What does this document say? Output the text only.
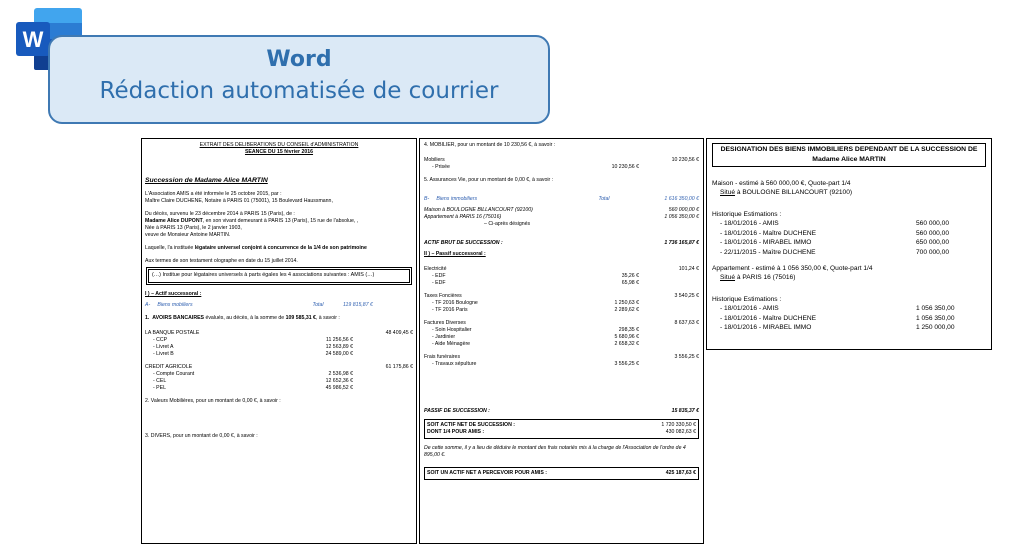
W
Word
Rédaction automatisée de courrier
EXTRAIT DES DELIBERATIONS DU CONSEIL d'ADMINISTRATION
SEANCE DU 15 février 2016
Succession de Madame Alice MARTIN
L'Association AMIS a été informée le 25 octobre 2015, par :
Maître Claire DUCHENE, Notaire à PARIS 01 (75001), 15 Boulevard Haussmann,
Du décès, survenu le 23 décembre 2014 à PARIS 15 (Paris), de :
Madame Alice DUPONT, en son vivant demeurant à PARIS 13 (Paris), 15 rue de l'absolue, ,
Née à PARIS 13 (Paris), le 2 janvier 1903,
veuve de Monsieur Antoine MARTIN.
Laquelle, l'a instituée légataire universel conjoint à concurrence de la 1/4 de son patrimoine
Aux termes de son testament olographe en date du 15 juillet 2014.
(…) Institue pour légataires universels à parts égales les 4 associations suivantes : AMIS (…)
I ) – Actif successoral :
A- Biens mobiliers	Total	119 815,87 €
1. AVOIRS BANCAIRES évalués, au décès, à la somme de 109 585,31 €, à savoir :
LA BANQUE POSTALE	48 409,45 €
- CCP	11 256,56 €
- Livret A	12 563,89 €
- Livret B	24 589,00 €
CREDIT AGRICOLE	61 175,86 €
- Compte Courant	2 536,98 €
- CEL	12 652,36 €
- PEL	45 986,52 €
2. Valeurs Mobilières, pour un montant de 0,00 €, à savoir :
3. DIVERS, pour un montant de 0,00 €, à savoir :
4. MOBILIER, pour un montant de 10 230,56 €, à savoir :
Mobiliers	10 230,56 €
- Prisée	10 230,56 €
5. Assurances Vie, pour un montant de 0,00 €, à savoir :
B- Biens immobiliers	Total	1 616 350,00 €
Maison à BOULOGNE BILLANCOURT (92100)	560 000,00 €
Appartement à PARIS 16 (75016)	1 056 350,00 €
– Ci-après désignés
ACTIF BRUT DE SUCCESSION :	1 736 165,87 €
II ) – Passif successoral :
Electricité	101,24 €
- EDF	35,26 €
- EDF	65,98 €
Taxes Foncières	3 540,25 €
- TF 2016 Boulogne	1 250,63 €
- TF 2016 Paris	2 289,62 €
Factures Diverses	8 637,63 €
- Soin Hospitalier	298,35 €
- Jardinier	5 680,96 €
- Aide Ménagère	2 658,32 €
Frais funéraires	3 556,25 €
- Travaux sépulture	3 556,25 €
PASSIF DE SUCCESSION :	15 835,37 €
SOIT ACTIF NET DE SUCCESSION :	1 720 330,50 €
DONT 1/4 POUR AMIS :	430 082,63 €
De cette somme, il y a lieu de déduire le montant des frais notariés mis à la charge de l'Association de l'ordre de 4 895,00 €.
SOIT UN ACTIF NET A PERCEVOIR POUR AMIS :	425 187,63 €
DESIGNATION DES BIENS IMMOBILIERS DEPENDANT DE LA SUCCESSION DE Madame Alice MARTIN
Maison - estimé à 560 000,00 €, Quote-part 1/4
Situé à BOULOGNE BILLANCOURT (92100)
Historique Estimations :
- 18/01/2016 - AMIS	560 000,00
- 18/01/2016 - Maître DUCHENE	560 000,00
- 18/01/2016 - MIRABEL IMMO	650 000,00
- 22/11/2015 - Maître DUCHENE	700 000,00
Appartement - estimé à 1 056 350,00 €, Quote-part 1/4
Situé à PARIS 16 (75016)
Historique Estimations :
- 18/01/2016 - AMIS	1 056 350,00
- 18/01/2016 - Maître DUCHENE	1 056 350,00
- 18/01/2016 - MIRABEL IMMO	1 250 000,00
